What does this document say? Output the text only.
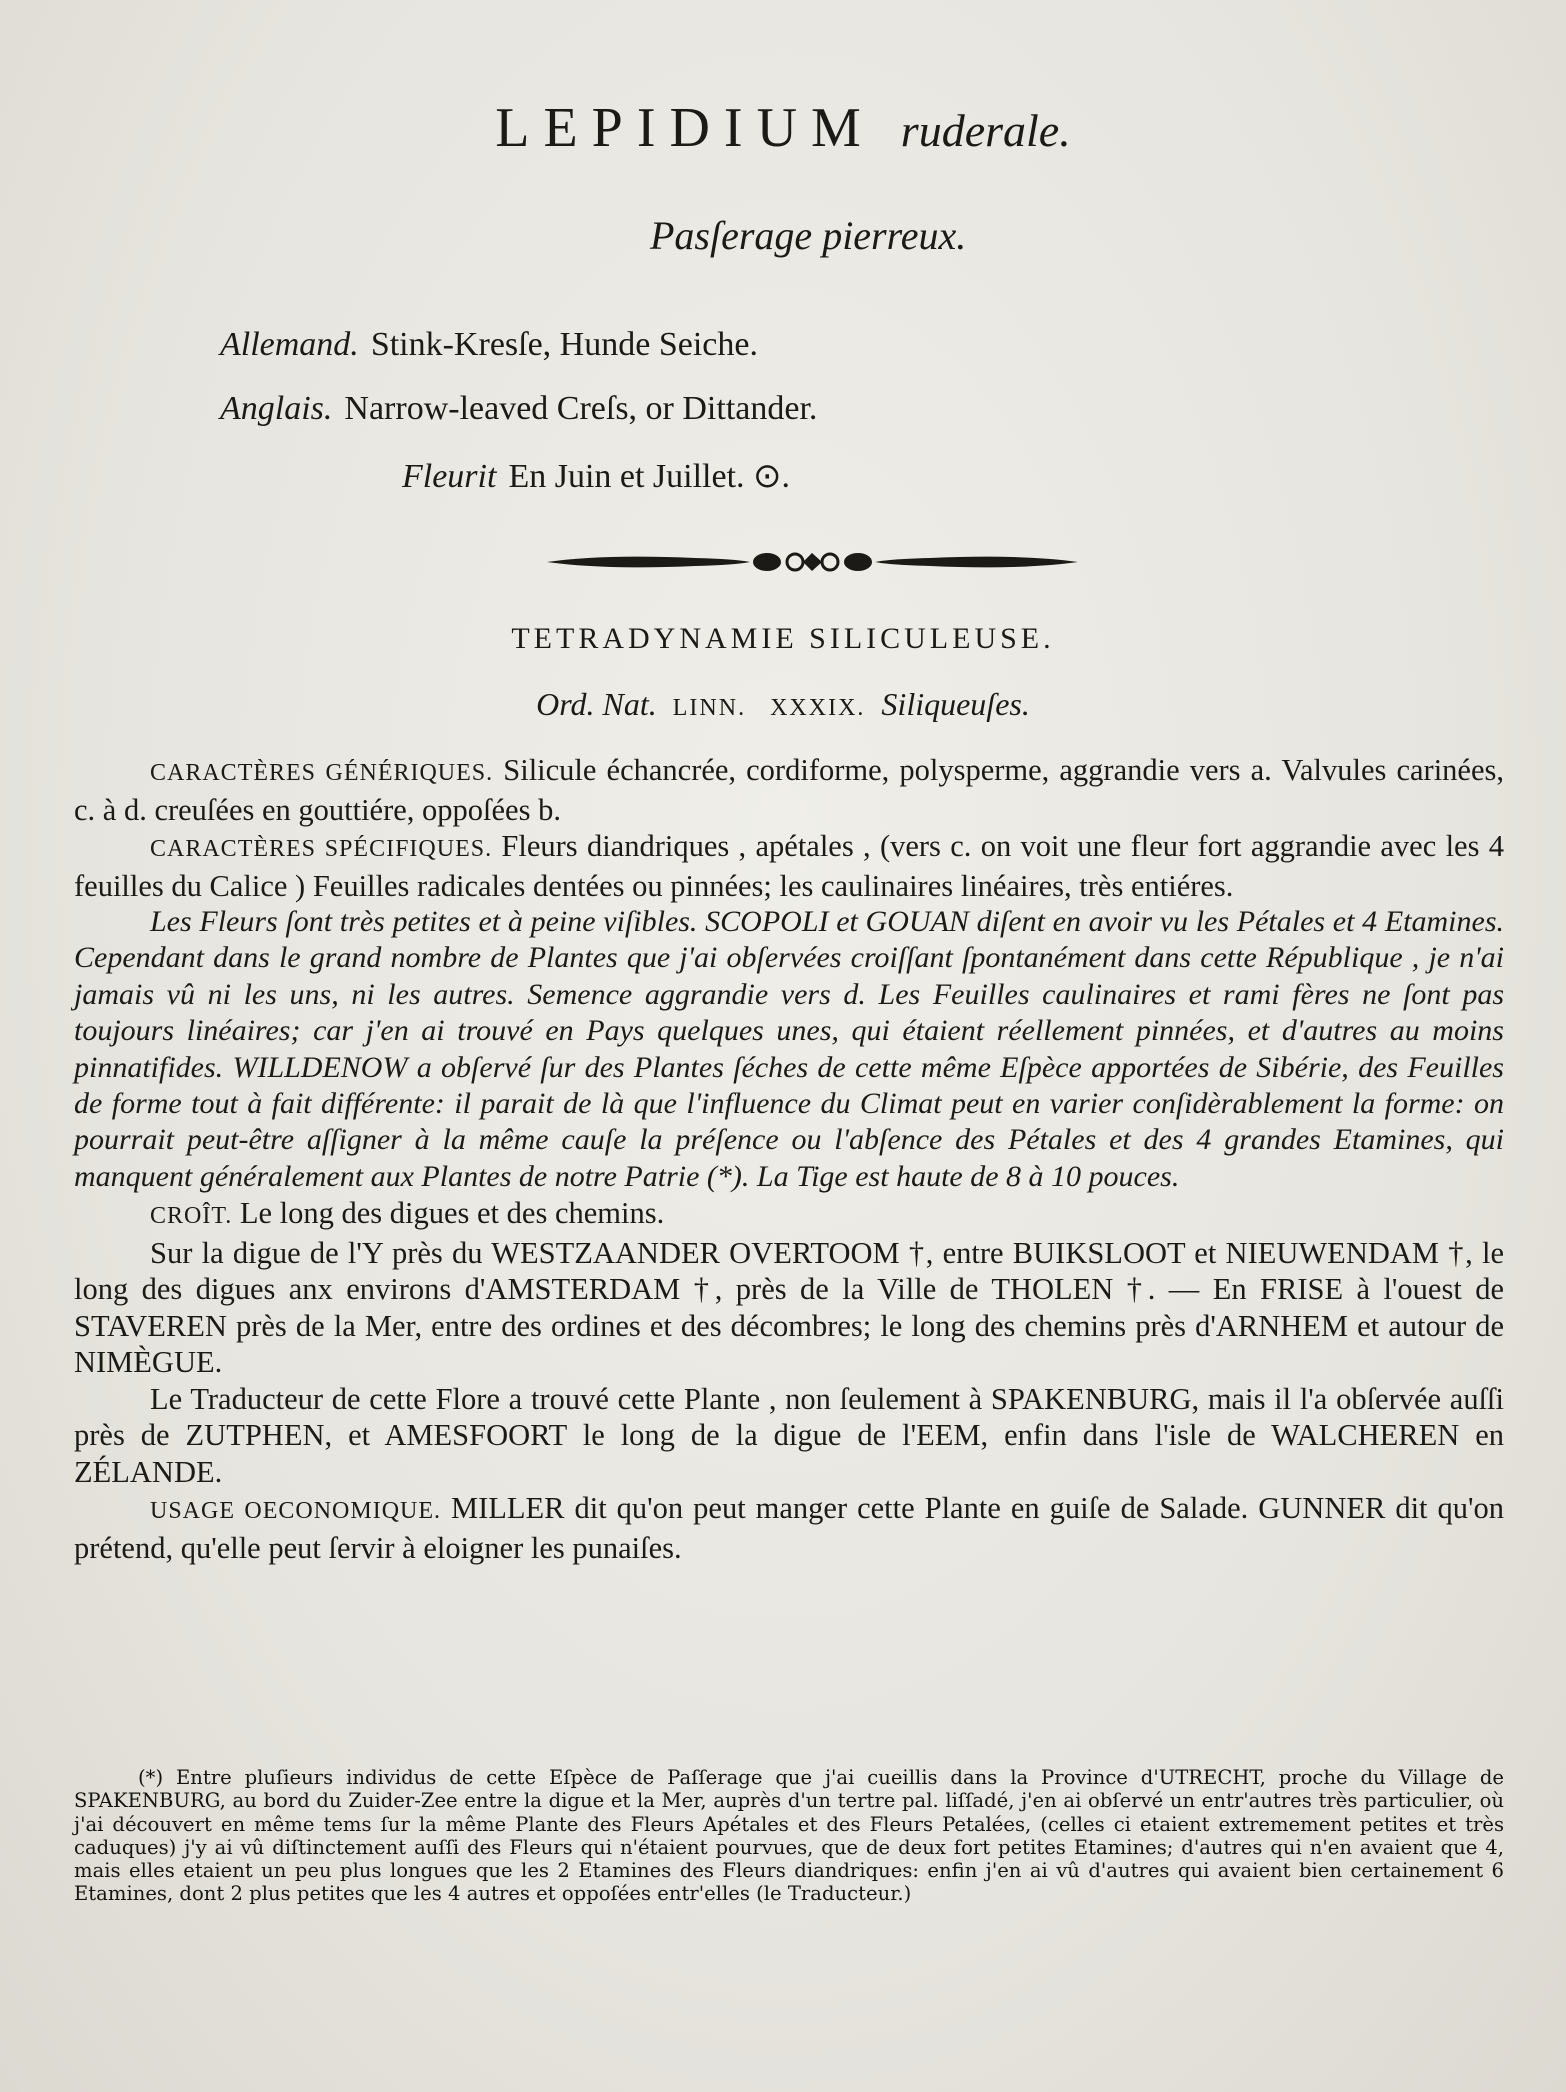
LEPIDIUM ruderale.
Pasſerage pierreux.
Allemand. Stink-Kresſe, Hunde Seiche.
Anglais. Narrow-leaved Creſs, or Dittander.
Fleurit En Juin et Juillet. ⊙.
TETRADYNAMIE SILICULEUSE.
Ord. Nat. LINN. XXXIX. Siliqueuſes.

CARACTÈRES GÉNÉRIQUES. Silicule échancrée, cordiforme, polysperme, aggrandie vers a. Valvules carinées, c. à d. creuſées en gouttiére, oppoſées b.

CARACTÈRES SPÉCIFIQUES. Fleurs diandriques , apétales , (vers c. on voit une fleur fort aggrandie avec les 4 feuilles du Calice ) Feuilles radicales dentées ou pinnées; les caulinaires linéaires, très entiéres.

Les Fleurs ſont très petites et à peine viſibles. SCOPOLI et GOUAN diſent en avoir vu les Pétales et 4 Etamines. Cependant dans le grand nombre de Plantes que j'ai obſervées croiſſant ſpontanément dans cette République , je n'ai jamais vû ni les uns, ni les autres. Semence aggrandie vers d. Les Feuilles caulinaires et rami fères ne ſont pas toujours linéaires; car j'en ai trouvé en Pays quelques unes, qui étaient réellement pinnées, et d'autres au moins pinnatifides. WILLDENOW a obſervé ſur des Plantes ſéches de cette même Eſpèce apportées de Sibérie, des Feuilles de forme tout à fait différente: il parait de là que l'influence du Climat peut en varier conſidèrablement la forme: on pourrait peut-être aſſigner à la même cauſe la préſence ou l'abſence des Pétales et des 4 grandes Etamines, qui manquent généralement aux Plantes de notre Patrie (*). La Tige est haute de 8 à 10 pouces.

CROÎT. Le long des digues et des chemins.

Sur la digue de l'Y près du WESTZAANDER OVERTOOM †, entre BUIKSLOOT et NIEUWENDAM †, le long des digues anx environs d'AMSTERDAM †, près de la Ville de THOLEN †. — En FRISE à l'ouest de STAVEREN près de la Mer, entre des ordines et des décombres; le long des chemins près d'ARNHEM et autour de NIMÈGUE.

Le Traducteur de cette Flore a trouvé cette Plante , non ſeulement à SPAKENBURG, mais il l'a obſervée auſſi près de ZUTPHEN, et AMESFOORT le long de la digue de l'EEM, enfin dans l'isle de WALCHEREN en ZÉLANDE.

USAGE OECONOMIQUE. MILLER dit qu'on peut manger cette Plante en guiſe de Salade. GUNNER dit qu'on prétend, qu'elle peut ſervir à eloigner les punaiſes.

(*) Entre pluſieurs individus de cette Eſpèce de Paſſerage que j'ai cueillis dans la Province d'UTRECHT, proche du Village de SPAKENBURG, au bord du Zuider-Zee entre la digue et la Mer, auprès d'un tertre pal. liſſadé, j'en ai obſervé un entr'autres très particulier, où j'ai découvert en même tems ſur la même Plante des Fleurs Apétales et des Fleurs Petalées, (celles ci etaient extremement petites et très caduques) j'y ai vû diſtinctement auſſi des Fleurs qui n'étaient pourvues, que de deux fort petites Etamines; d'autres qui n'en avaient que 4, mais elles etaient un peu plus longues que les 2 Etamines des Fleurs diandriques: enfin j'en ai vû d'autres qui avaient bien certainement 6 Etamines, dont 2 plus petites que les 4 autres et oppoſées entr'elles (le Traducteur.)
